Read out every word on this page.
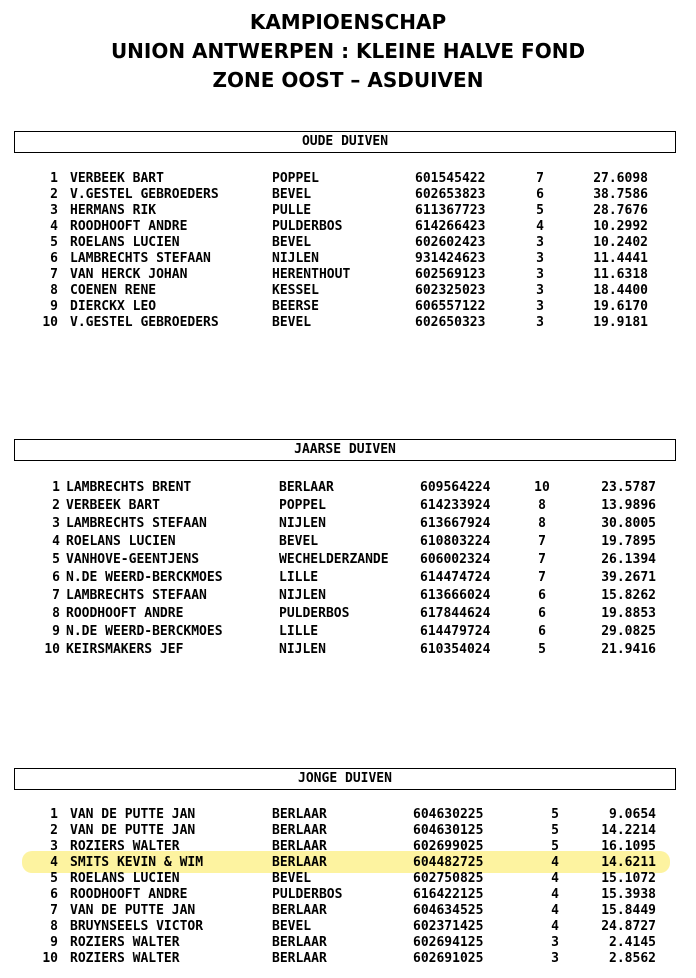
KAMPIOENSCHAP
UNION ANTWERPEN : KLEINE HALVE FOND
ZONE OOST – ASDUIVEN
OUDE DUIVEN
1 VERBEEK BART	POPPEL	601545422	7	27.6098
2 V.GESTEL GEBROEDERS	BEVEL	602653823	6	38.7586
3 HERMANS RIK	PULLE	611367723	5	28.7676
4 ROODHOOFT ANDRE	PULDERBOS	614266423	4	10.2992
5 ROELANS LUCIEN	BEVEL	602602423	3	10.2402
6 LAMBRECHTS STEFAAN	NIJLEN	931424623	3	11.4441
7 VAN HERCK JOHAN	HERENTHOUT	602569123	3	11.6318
8 COENEN RENE	KESSEL	602325023	3	18.4400
9 DIERCKX LEO	BEERSE	606557122	3	19.6170
10 V.GESTEL GEBROEDERS	BEVEL	602650323	3	19.9181
JAARSE DUIVEN
1 LAMBRECHTS BRENT	BERLAAR	609564224	10	23.5787
2 VERBEEK BART	POPPEL	614233924	8	13.9896
3 LAMBRECHTS STEFAAN	NIJLEN	613667924	8	30.8005
4 ROELANS LUCIEN	BEVEL	610803224	7	19.7895
5 VANHOVE-GEENTJENS	WECHELDERZANDE 606002324	7	26.1394
6 N.DE WEERD-BERCKMOES	LILLE	614474724	7	39.2671
7 LAMBRECHTS STEFAAN	NIJLEN	613666024	6	15.8262
8 ROODHOOFT ANDRE	PULDERBOS	617844624	6	19.8853
9 N.DE WEERD-BERCKMOES	LILLE	614479724	6	29.0825
10 KEIRSMAKERS JEF	NIJLEN	610354024	5	21.9416
JONGE DUIVEN
1 VAN DE PUTTE JAN	BERLAAR	604630225	5	9.0654
2 VAN DE PUTTE JAN	BERLAAR	604630125	5	14.2214
3 ROZIERS WALTER	BERLAAR	602699025	5	16.1095
4 SMITS KEVIN & WIM	BERLAAR	604482725	4	14.6211
5 ROELANS LUCIEN	BEVEL	602750825	4	15.1072
6 ROODHOOFT ANDRE	PULDERBOS	616422125	4	15.3938
7 VAN DE PUTTE JAN	BERLAAR	604634525	4	15.8449
8 BRUYNSEELS VICTOR	BEVEL	602371425	4	24.8727
9 ROZIERS WALTER	BERLAAR	602694125	3	2.4145
10 ROZIERS WALTER	BERLAAR	602691025	3	2.8562
